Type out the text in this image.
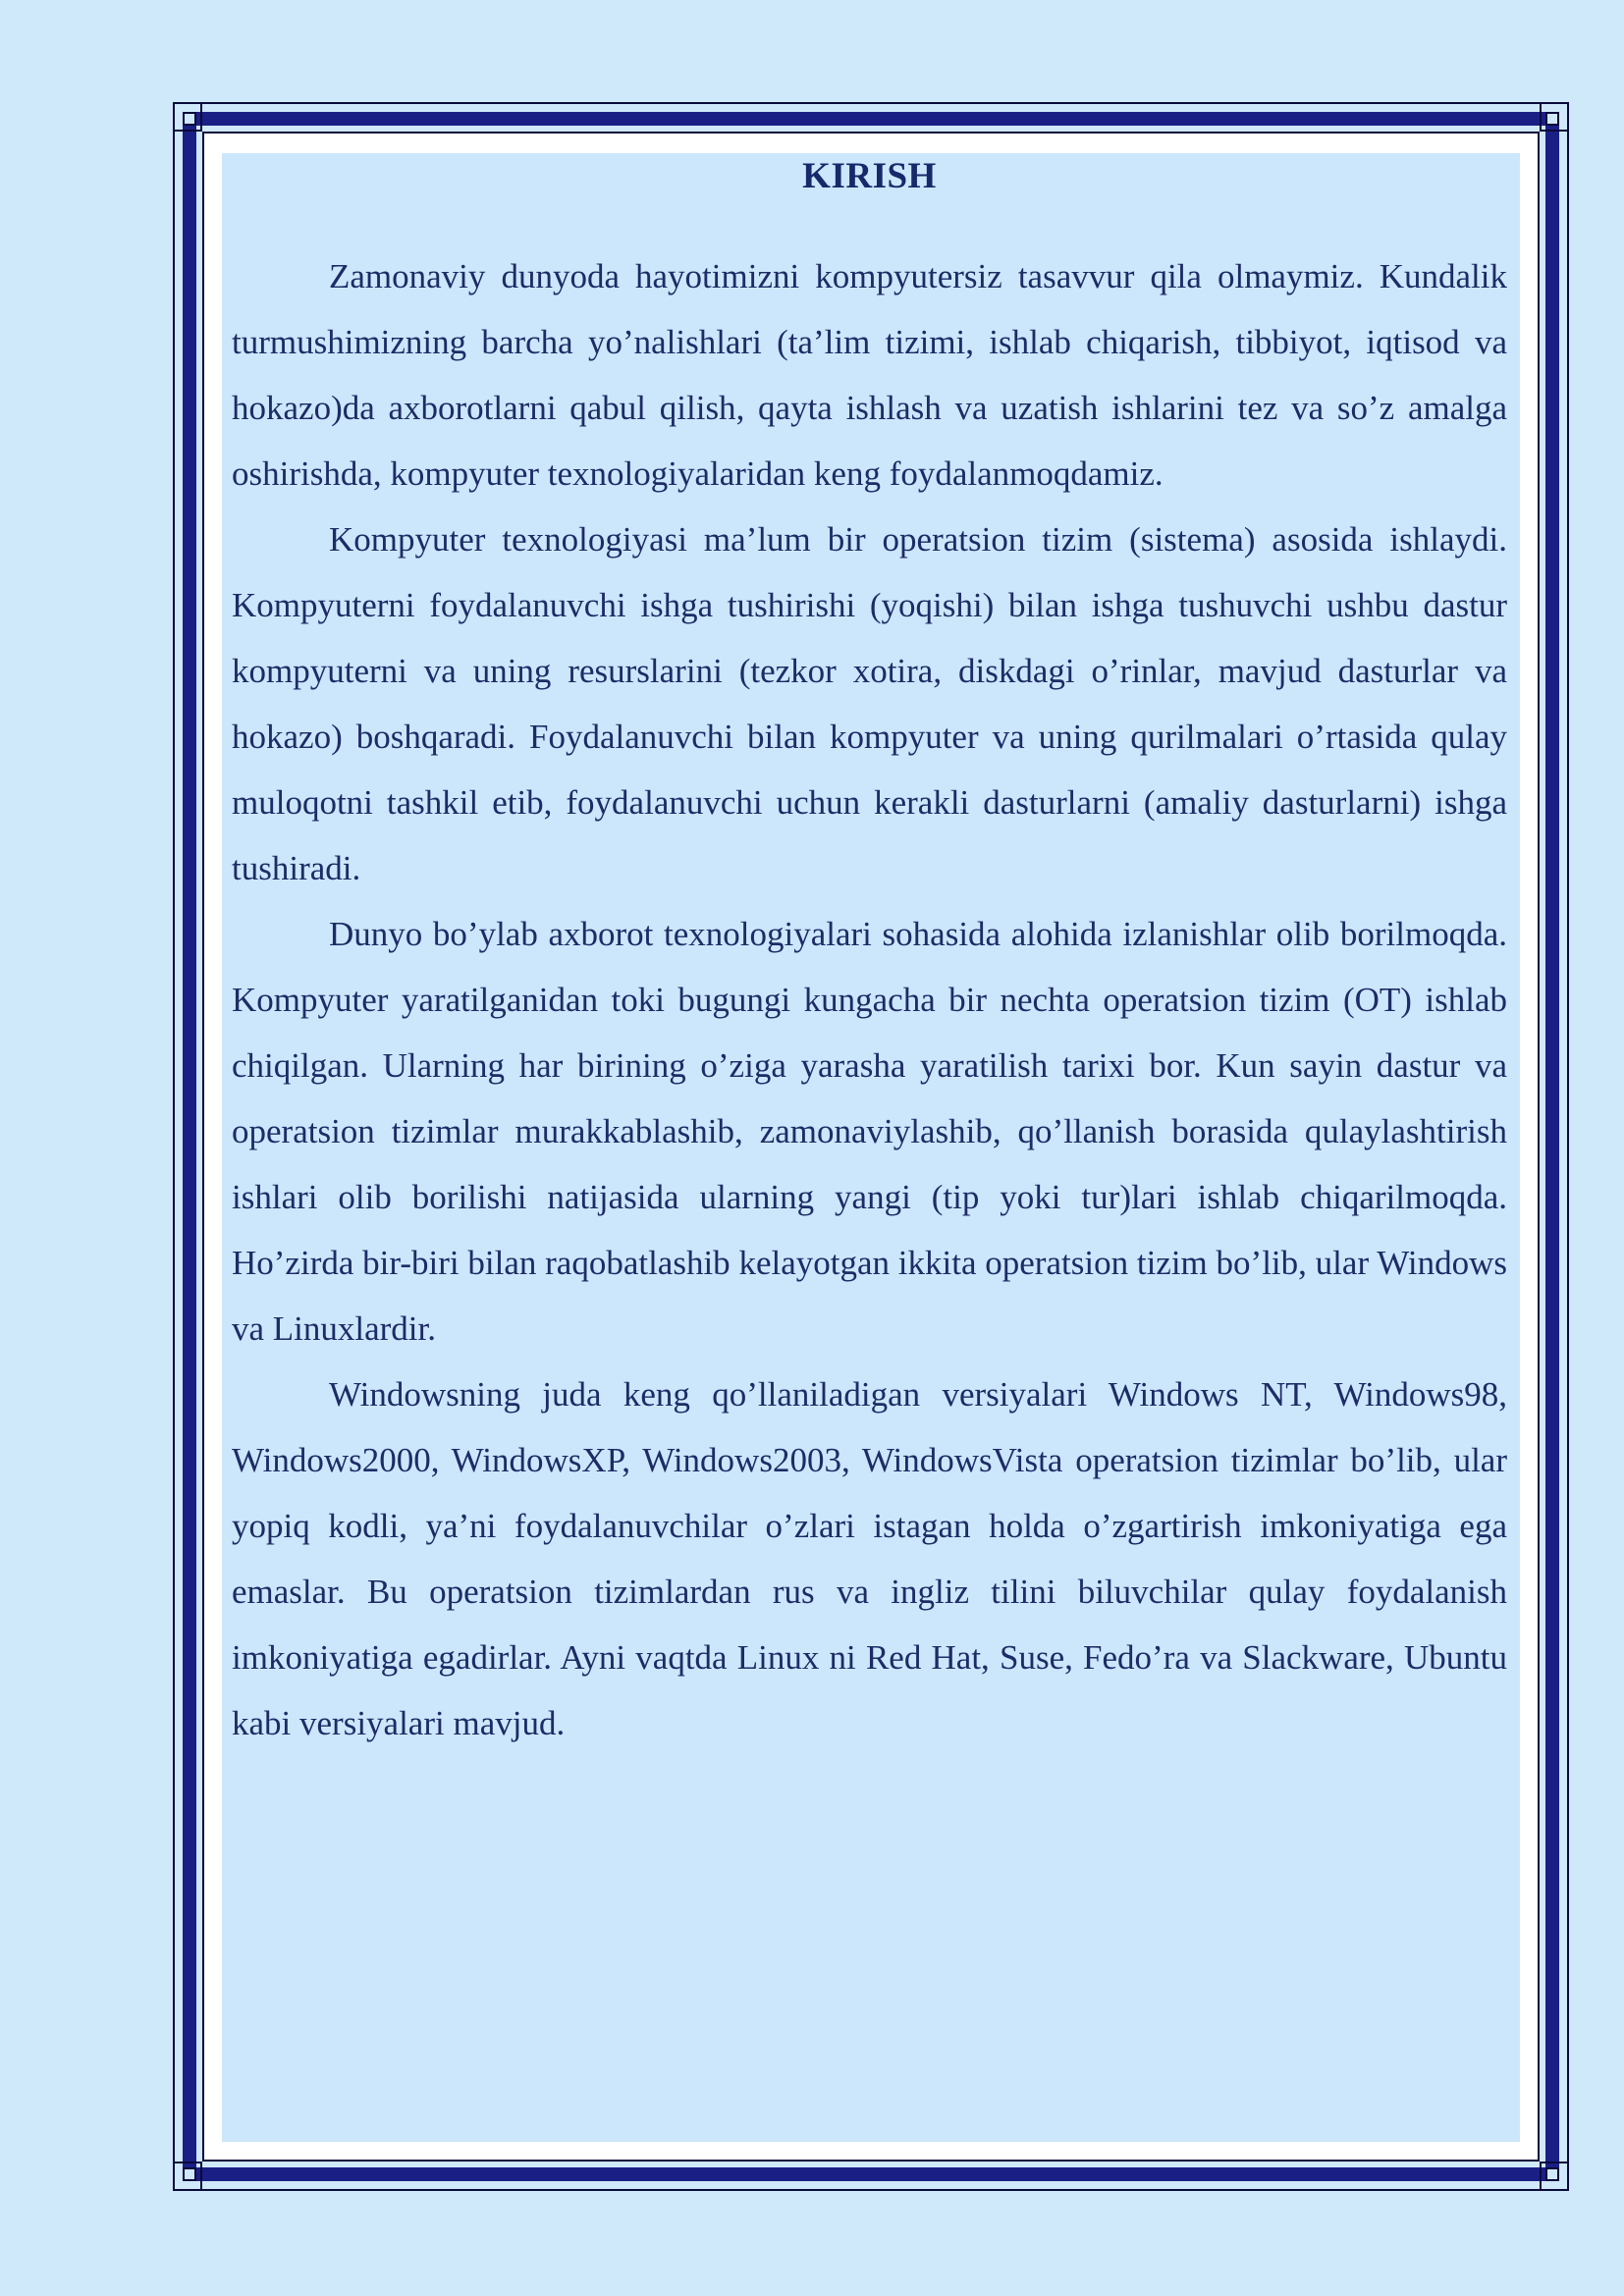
KIRISH

Zamonaviy dunyoda hayotimizni kompyutersiz tasavvur qila olmaymiz. Kundalik turmushimizning barcha yo’nalishlari (ta’lim tizimi, ishlab chiqarish, tibbiyot, iqtisod va hokazo)da axborotlarni qabul qilish, qayta ishlash va uzatish ishlarini tez va so’z amalga oshirishda, kompyuter texnologiyalaridan keng foydalanmoqdamiz.

Kompyuter texnologiyasi ma’lum bir operatsion tizim (sistema) asosida ishlaydi. Kompyuterni foydalanuvchi ishga tushirishi (yoqishi) bilan ishga tushuvchi ushbu dastur kompyuterni va uning resurslarini (tezkor xotira, diskdagi o’rinlar, mavjud dasturlar va hokazo) boshqaradi. Foydalanuvchi bilan kompyuter va uning qurilmalari o’rtasida qulay muloqotni tashkil etib, foydalanuvchi uchun kerakli dasturlarni (amaliy dasturlarni) ishga tushiradi.

Dunyo bo’ylab axborot texnologiyalari sohasida alohida izlanishlar olib borilmoqda. Kompyuter yaratilganidan toki bugungi kungacha bir nechta operatsion tizim (OT) ishlab chiqilgan. Ularning har birining o’ziga yarasha yaratilish tarixi bor. Kun sayin dastur va operatsion tizimlar murakkablashib, zamonaviylashib, qo’llanish borasida qulaylashtirish ishlari olib borilishi natijasida ularning yangi (tip yoki tur)lari ishlab chiqarilmoqda. Ho’zirda bir-biri bilan raqobatlashib kelayotgan ikkita operatsion tizim bo’lib, ular Windows va Linuxlardir.

Windowsning juda keng qo’llaniladigan versiyalari Windows NT, Windows98, Windows2000, WindowsXP, Windows2003, WindowsVista operatsion tizimlar bo’lib, ular yopiq kodli, ya’ni foydalanuvchilar o’zlari istagan holda o’zgartirish imkoniyatiga ega emaslar. Bu operatsion tizimlardan rus va ingliz tilini biluvchilar qulay foydalanish imkoniyatiga egadirlar. Ayni vaqtda Linux ni Red Hat, Suse, Fedo’ra va Slackware, Ubuntu kabi versiyalari mavjud.
